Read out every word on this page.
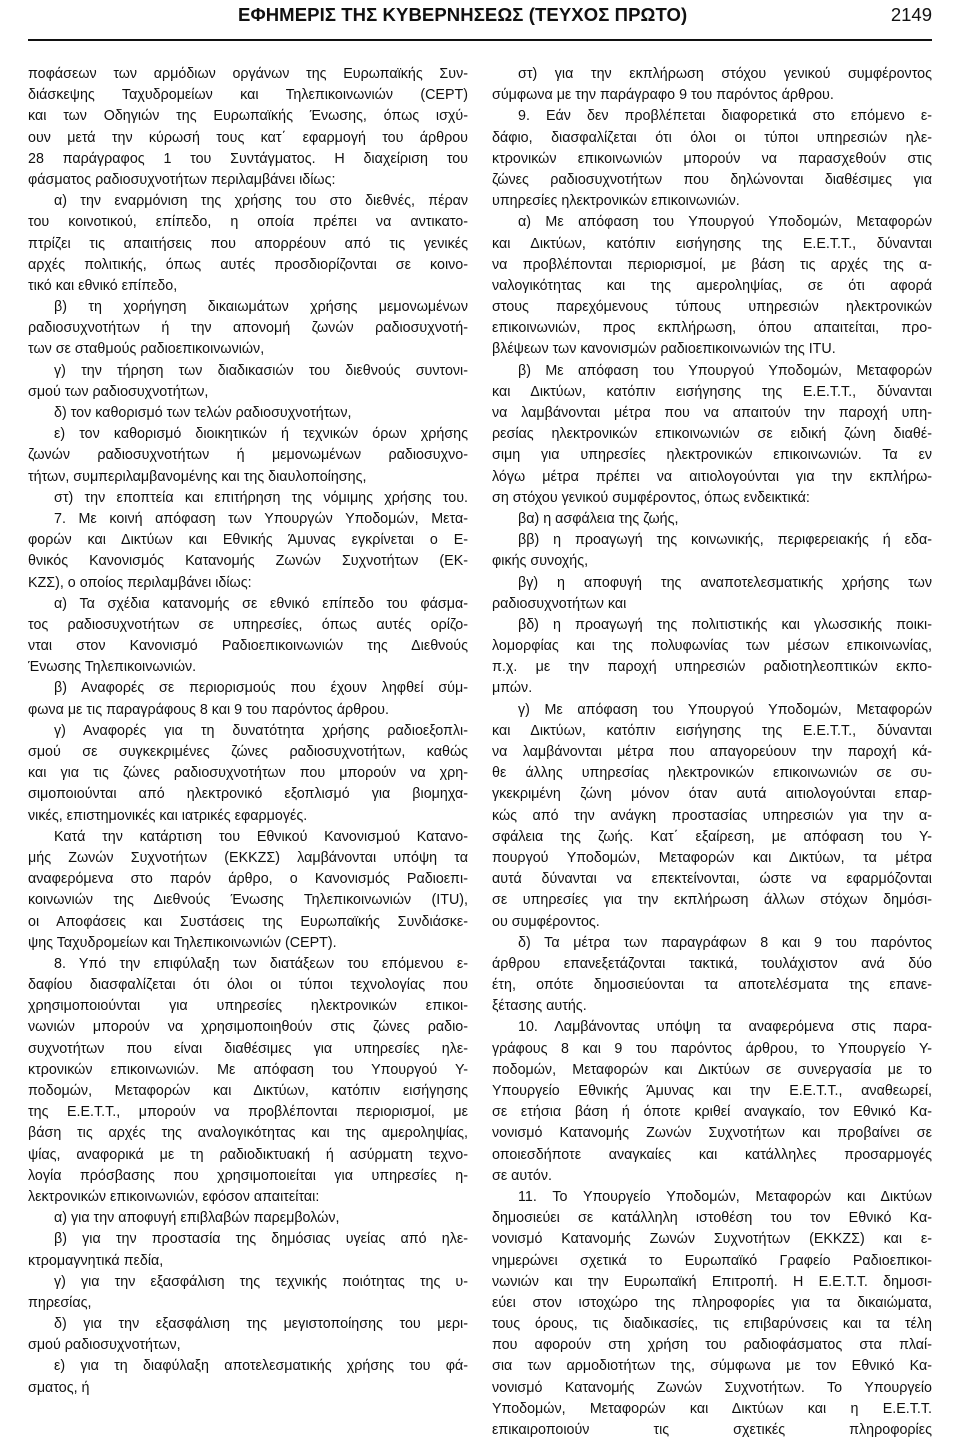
ΕΦΗΜΕΡΙΣ ΤΗΣ ΚΥΒΕΡΝΗΣΕΩΣ (ΤΕΥΧΟΣ ΠΡΩΤΟ)	2149
ποφάσεων των αρμόδιων οργάνων της Ευρωπαϊκής Συν-
διάσκεψης Ταχυδρομείων και Τηλεπικοινωνιών (CEPT)
και των Οδηγιών της Ευρωπαϊκής Ένωσης, όπως ισχύ-
ουν μετά την κύρωσή τους κατ΄ εφαρμογή του άρθρου
28 παράγραφος 1 του Συντάγματος. Η διαχείριση του
φάσματος ραδιοσυχνοτήτων περιλαμβάνει ιδίως:
α) την εναρμόνιση της χρήσης του στο διεθνές, πέραν
του κοινοτικού, επίπεδο, η οποία πρέπει να αντικατο-
πτρίζει τις απαιτήσεις που απορρέουν από τις γενικές
αρχές πολιτικής, όπως αυτές προσδιορίζονται σε κοινο-
τικό και εθνικό επίπεδο,
β) τη χορήγηση δικαιωμάτων χρήσης μεμονωμένων
ραδιοσυχνοτήτων ή την απονομή ζωνών ραδιοσυχνοτή-
των σε σταθμούς ραδιοεπικοινωνιών,
γ) την τήρηση των διαδικασιών του διεθνούς συντονι-
σμού των ραδιοσυχνοτήτων,
δ) τον καθορισμό των τελών ραδιοσυχνοτήτων,
ε) τον καθορισμό διοικητικών ή τεχνικών όρων χρήσης
ζωνών ραδιοσυχνοτήτων ή μεμονωμένων ραδιοσυχνο-
τήτων, συμπεριλαμβανομένης και της διαυλοποίησης,
στ) την εποπτεία και επιτήρηση της νόμιμης χρήσης του.
7. Με κοινή απόφαση των Υπουργών Υποδομών, Μετα-
φορών και Δικτύων και Εθνικής Άμυνας εγκρίνεται ο Ε-
θνικός Κανονισμός Κατανομής Ζωνών Συχνοτήτων (ΕΚ-
ΚΖΣ), ο οποίος περιλαμβάνει ιδίως:
α) Τα σχέδια κατανομής σε εθνικό επίπεδο του φάσμα-
τος ραδιοσυχνοτήτων σε υπηρεσίες, όπως αυτές ορίζο-
νται στον Κανονισμό Ραδιοεπικοινωνιών της Διεθνούς
Ένωσης Τηλεπικοινωνιών.
β) Αναφορές σε περιορισμούς που έχουν ληφθεί σύμ-
φωνα με τις παραγράφους 8 και 9 του παρόντος άρθρου.
γ) Αναφορές για τη δυνατότητα χρήσης ραδιοεξοπλι-
σμού σε συγκεκριμένες ζώνες ραδιοσυχνοτήτων, καθώς
και για τις ζώνες ραδιοσυχνοτήτων που μπορούν να χρη-
σιμοποιούνται από ηλεκτρονικό εξοπλισμό για βιομηχα-
νικές, επιστημονικές και ιατρικές εφαρμογές.
Κατά την κατάρτιση του Εθνικού Κανονισμού Κατανο-
μής Ζωνών Συχνοτήτων (ΕΚΚΖΣ) λαμβάνονται υπόψη τα
αναφερόμενα στο παρόν άρθρο, ο Κανονισμός Ραδιοεπι-
κοινωνιών της Διεθνούς Ένωσης Τηλεπικοινωνιών (ITU),
οι Αποφάσεις και Συστάσεις της Ευρωπαϊκής Συνδιάσκε-
ψης Ταχυδρομείων και Τηλεπικοινωνιών (CEPT).
8. Υπό την επιφύλαξη των διατάξεων του επόμενου ε-
δαφίου διασφαλίζεται ότι όλοι οι τύποι τεχνολογίας που
χρησιμοποιούνται για υπηρεσίες ηλεκτρονικών επικοι-
νωνιών μπορούν να χρησιμοποιηθούν στις ζώνες ραδιο-
συχνοτήτων που είναι διαθέσιμες για υπηρεσίες ηλε-
κτρονικών επικοινωνιών. Με απόφαση του Υπουργού Υ-
ποδομών, Μεταφορών και Δικτύων, κατόπιν εισήγησης
της Ε.Ε.Τ.Τ., μπορούν να προβλέπονται περιορισμοί, με
βάση τις αρχές της αναλογικότητας και της αμεροληψίας,
ψίας, αναφορικά με τη ραδιοδικτυακή ή ασύρματη τεχνο-
λογία πρόσβασης που χρησιμοποιείται για υπηρεσίες η-
λεκτρονικών επικοινωνιών, εφόσον απαιτείται:
α) για την αποφυγή επιβλαβών παρεμβολών,
β) για την προστασία της δημόσιας υγείας από ηλε-
κτρομαγνητικά πεδία,
γ) για την εξασφάλιση της τεχνικής ποιότητας της υ-
πηρεσίας,
δ) για την εξασφάλιση της μεγιστοποίησης του μερι-
σμού ραδιοσυχνοτήτων,
ε) για τη διαφύλαξη αποτελεσματικής χρήσης του φά-
σματος, ή
στ) για την εκπλήρωση στόχου γενικού συμφέροντος
σύμφωνα με την παράγραφο 9 του παρόντος άρθρου.
9. Εάν δεν προβλέπεται διαφορετικά στο επόμενο ε-
δάφιο, διασφαλίζεται ότι όλοι οι τύποι υπηρεσιών ηλε-
κτρονικών επικοινωνιών μπορούν να παρασχεθούν στις
ζώνες ραδιοσυχνοτήτων που δηλώνονται διαθέσιμες για
υπηρεσίες ηλεκτρονικών επικοινωνιών.
α) Με απόφαση του Υπουργού Υποδομών, Μεταφορών
και Δικτύων, κατόπιν εισήγησης της Ε.Ε.Τ.Τ., δύνανται
να προβλέπονται περιορισμοί, με βάση τις αρχές της α-
ναλογικότητας και της αμεροληψίας, σε ότι αφορά
στους παρεχόμενους τύπους υπηρεσιών ηλεκτρονικών
επικοινωνιών, προς εκπλήρωση, όπου απαιτείται, προ-
βλέψεων των κανονισμών ραδιοεπικοινωνιών της ITU.
β) Με απόφαση του Υπουργού Υποδομών, Μεταφορών
και Δικτύων, κατόπιν εισήγησης της Ε.Ε.Τ.Τ., δύνανται
να λαμβάνονται μέτρα που να απαιτούν την παροχή υπη-
ρεσίας ηλεκτρονικών επικοινωνιών σε ειδική ζώνη διαθέ-
σιμη για υπηρεσίες ηλεκτρονικών επικοινωνιών. Τα εν
λόγω μέτρα πρέπει να αιτιολογούνται για την εκπλήρω-
ση στόχου γενικού συμφέροντος, όπως ενδεικτικά:
βα) η ασφάλεια της ζωής,
ββ) η προαγωγή της κοινωνικής, περιφερειακής ή εδα-
φικής συνοχής,
βγ) η αποφυγή της αναποτελεσματικής χρήσης των
ραδιοσυχνοτήτων και
βδ) η προαγωγή της πολιτιστικής και γλωσσικής ποικι-
λομορφίας και της πολυφωνίας των μέσων επικοινωνίας,
π.χ. με την παροχή υπηρεσιών ραδιοτηλεοπτικών εκπο-
μπών.
γ) Με απόφαση του Υπουργού Υποδομών, Μεταφορών
και Δικτύων, κατόπιν εισήγησης της Ε.Ε.Τ.Τ., δύνανται
να λαμβάνονται μέτρα που απαγορεύουν την παροχή κά-
θε άλλης υπηρεσίας ηλεκτρονικών επικοινωνιών σε συ-
γκεκριμένη ζώνη μόνον όταν αυτά αιτιολογούνται επαρ-
κώς από την ανάγκη προστασίας υπηρεσιών για την α-
σφάλεια της ζωής. Κατ΄ εξαίρεση, με απόφαση του Υ-
πουργού Υποδομών, Μεταφορών και Δικτύων, τα μέτρα
αυτά δύνανται να επεκτείνονται, ώστε να εφαρμόζονται
σε υπηρεσίες για την εκπλήρωση άλλων στόχων δημόσι-
ου συμφέροντος.
δ) Τα μέτρα των παραγράφων 8 και 9 του παρόντος
άρθρου επανεξετάζονται τακτικά, τουλάχιστον ανά δύο
έτη, οπότε δημοσιεύονται τα αποτελέσματα της επανε-
ξέτασης αυτής.
10. Λαμβάνοντας υπόψη τα αναφερόμενα στις παρα-
γράφους 8 και 9 του παρόντος άρθρου, το Υπουργείο Υ-
ποδομών, Μεταφορών και Δικτύων σε συνεργασία με το
Υπουργείο Εθνικής Άμυνας και την Ε.Ε.Τ.Τ., αναθεωρεί,
σε ετήσια βάση ή όποτε κριθεί αναγκαίο, τον Εθνικό Κα-
νονισμό Κατανομής Ζωνών Συχνοτήτων και προβαίνει σε
οποιεσδήποτε αναγκαίες και κατάλληλες προσαρμογές
σε αυτόν.
11. Το Υπουργείο Υποδομών, Μεταφορών και Δικτύων
δημοσιεύει σε κατάλληλη ιστοθέση του τον Εθνικό Κα-
νονισμό Κατανομής Ζωνών Συχνοτήτων (ΕΚΚΖΣ) και ε-
νημερώνει σχετικά το Ευρωπαϊκό Γραφείο Ραδιοεπικοι-
νωνιών και την Ευρωπαϊκή Επιτροπή. Η Ε.Ε.Τ.Τ. δημοσι-
εύει στον ιστοχώρο της πληροφορίες για τα δικαιώματα,
τους όρους, τις διαδικασίες, τις επιβαρύνσεις και τα τέλη
που αφορούν στη χρήση του ραδιοφάσματος στα πλαί-
σια των αρμοδιοτήτων της, σύμφωνα με τον Εθνικό Κα-
νονισμό Κατανομής Ζωνών Συχνοτήτων. Το Υπουργείο
Υποδομών, Μεταφορών και Δικτύων και η Ε.Ε.Τ.Τ.
επικαιροποιούν τις σχετικές πληροφορίες
